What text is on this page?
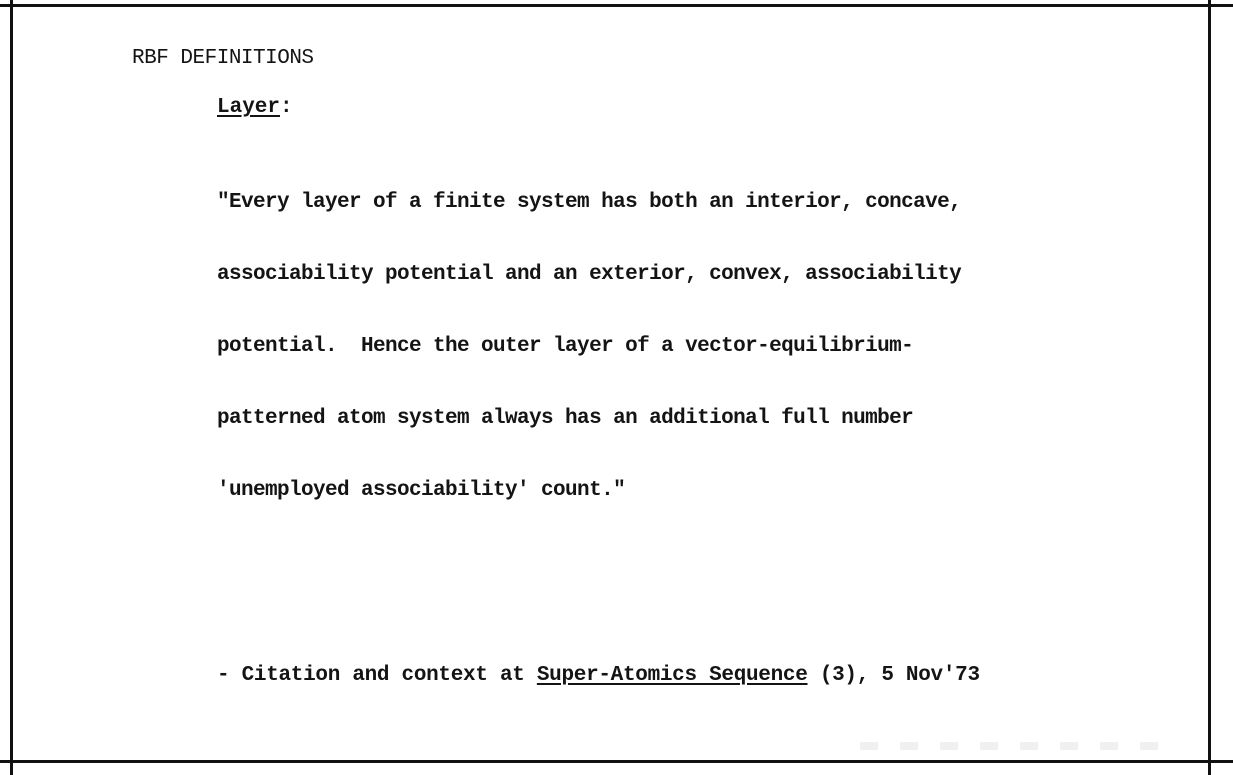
RBF DEFINITIONS

Layer:

"Every layer of a finite system has both an interior, concave,

associability potential and an exterior, convex, associability

potential.  Hence the outer layer of a vector-equilibrium-

patterned atom system always has an additional full number

'unemployed associability' count."

- Citation and context at Super-Atomics Sequence (3), 5 Nov'73
